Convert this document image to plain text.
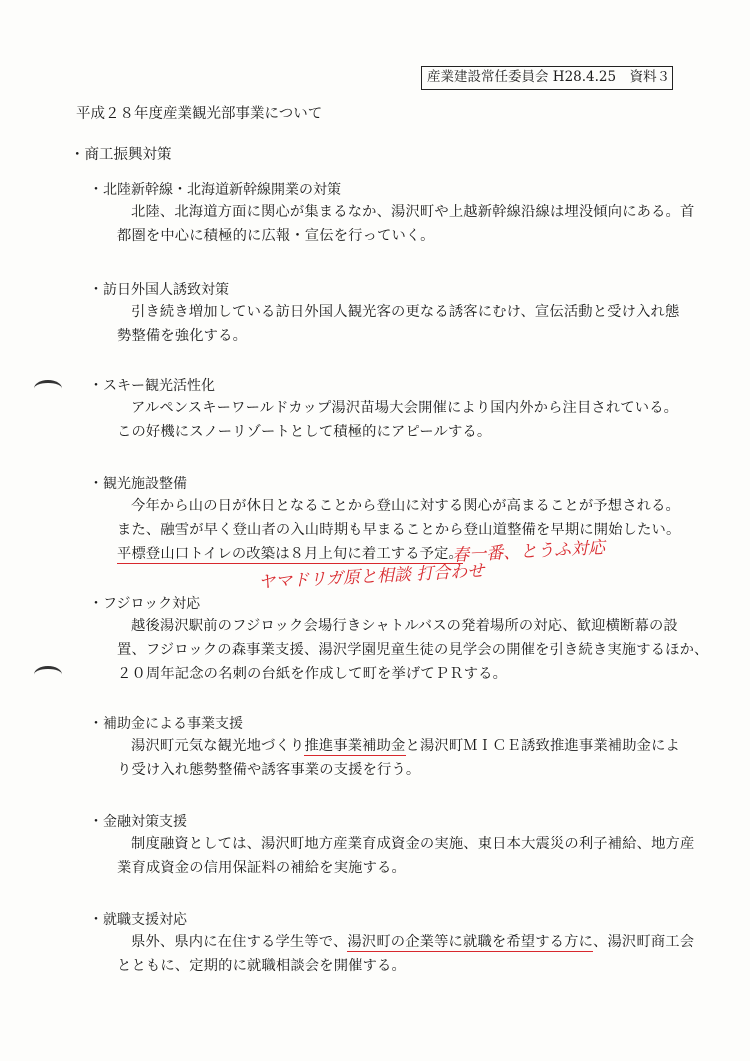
産業建設常任委員会 H28.4.25　資料３
平成２８年度産業観光部事業について
・商工振興対策
・北陸新幹線・北海道新幹線開業の対策
北陸、北海道方面に関心が集まるなか、湯沢町や上越新幹線沿線は埋没傾向にある。首
都圏を中心に積極的に広報・宣伝を行っていく。
・訪日外国人誘致対策
引き続き増加している訪日外国人観光客の更なる誘客にむけ、宣伝活動と受け入れ態
勢整備を強化する。
・スキー観光活性化
アルペンスキーワールドカップ湯沢苗場大会開催により国内外から注目されている。
この好機にスノーリゾートとして積極的にアピールする。
・観光施設整備
今年から山の日が休日となることから登山に対する関心が高まることが予想される。
また、融雪が早く登山者の入山時期も早まることから登山道整備を早期に開始したい。
平標登山口トイレの改築は８月上旬に着工する予定。
春一番、とうふ対応
ヤマドリガ原と相談 打合わせ
・フジロック対応
越後湯沢駅前のフジロック会場行きシャトルバスの発着場所の対応、歓迎横断幕の設
置、フジロックの森事業支援、湯沢学園児童生徒の見学会の開催を引き続き実施するほか、
２０周年記念の名刺の台紙を作成して町を挙げてＰＲする。
・補助金による事業支援
湯沢町元気な観光地づくり推進事業補助金と湯沢町ＭＩＣＥ誘致推進事業補助金によ
り受け入れ態勢整備や誘客事業の支援を行う。
・金融対策支援
制度融資としては、湯沢町地方産業育成資金の実施、東日本大震災の利子補給、地方産
業育成資金の信用保証料の補給を実施する。
・就職支援対応
県外、県内に在住する学生等で、湯沢町の企業等に就職を希望する方に、湯沢町商工会
とともに、定期的に就職相談会を開催する。
